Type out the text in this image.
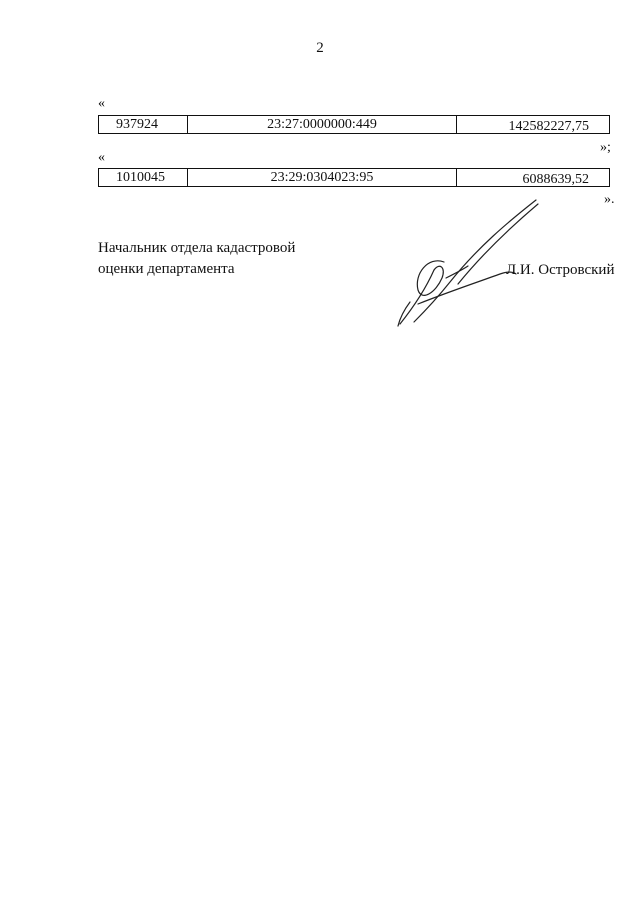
2
«
937924	23:27:0000000:449	142582227,75
»;
«
1010045	23:29:0304023:95	6088639,52
».
Начальник отдела кадастровой
оценки департамента	Л.И. Островский
